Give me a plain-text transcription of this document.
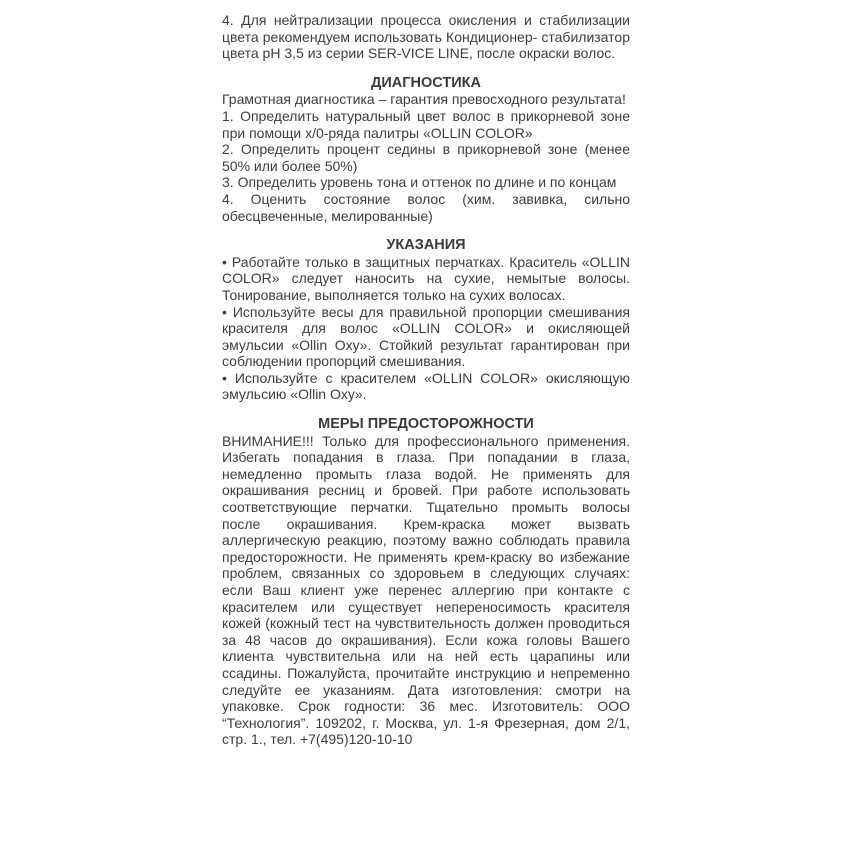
4. Для нейтрализации процесса окисления и стабилизации цвета рекомендуем использовать Кондиционер- стабилизатор цвета pH 3,5 из серии SER-VICE LINE, после окраски волос.

ДИАГНОСТИКА

Грамотная диагностика – гарантия превосходного результата!

1. Определить натуральный цвет волос в прикорневой зоне при помощи х/0-ряда палитры «OLLIN COLOR»

2. Определить процент седины в прикорневой зоне (менее 50% или более 50%)

3. Определить уровень тона и оттенок по длине и по концам

4. Оценить состояние волос (хим. завивка, сильно обесцвеченные, мелированные)

УКАЗАНИЯ

• Работайте только в защитных перчатках. Краситель «OLLIN COLOR» следует наносить на сухие, немытые волосы. Тонирование, выполняется только на сухих волосах.

• Используйте весы для правильной пропорции смешивания красителя для волос «OLLIN COLOR» и окисляющей эмульсии «Ollin Oxy». Стойкий результат гарантирован при соблюдении пропорций смешивания.

• Используйте с красителем «OLLIN COLOR» окисляющую эмульсию «Ollin Oxy».

МЕРЫ ПРЕДОСТОРОЖНОСТИ

ВНИМАНИЕ!!! Только для профессионального применения. Избегать попадания в глаза. При попадании в глаза, немедленно промыть глаза водой. Не применять для окрашивания ресниц и бровей. При работе использовать соответствующие перчатки. Тщательно промыть волосы после окрашивания. Крем-краска может вызвать аллергическую реакцию, поэтому важно соблюдать правила предосторожности. Не применять крем-краску во избежание проблем, связанных со здоровьем в следующих случаях: если Ваш клиент уже перенес аллергию при контакте с красителем или существует непереносимость красителя кожей (кожный тест на чувствительность должен проводиться за 48 часов до окрашивания). Если кожа головы Вашего клиента чувствительна или на ней есть царапины или ссадины. Пожалуйста, прочитайте инструкцию и непременно следуйте ее указаниям. Дата изготовления: смотри на упаковке. Срок годности: 36 мес. Изготовитель: ООО “Технология”. 109202, г. Москва, ул. 1-я Фрезерная, дом 2/1, стр. 1., тел. +7(495)120-10-10
